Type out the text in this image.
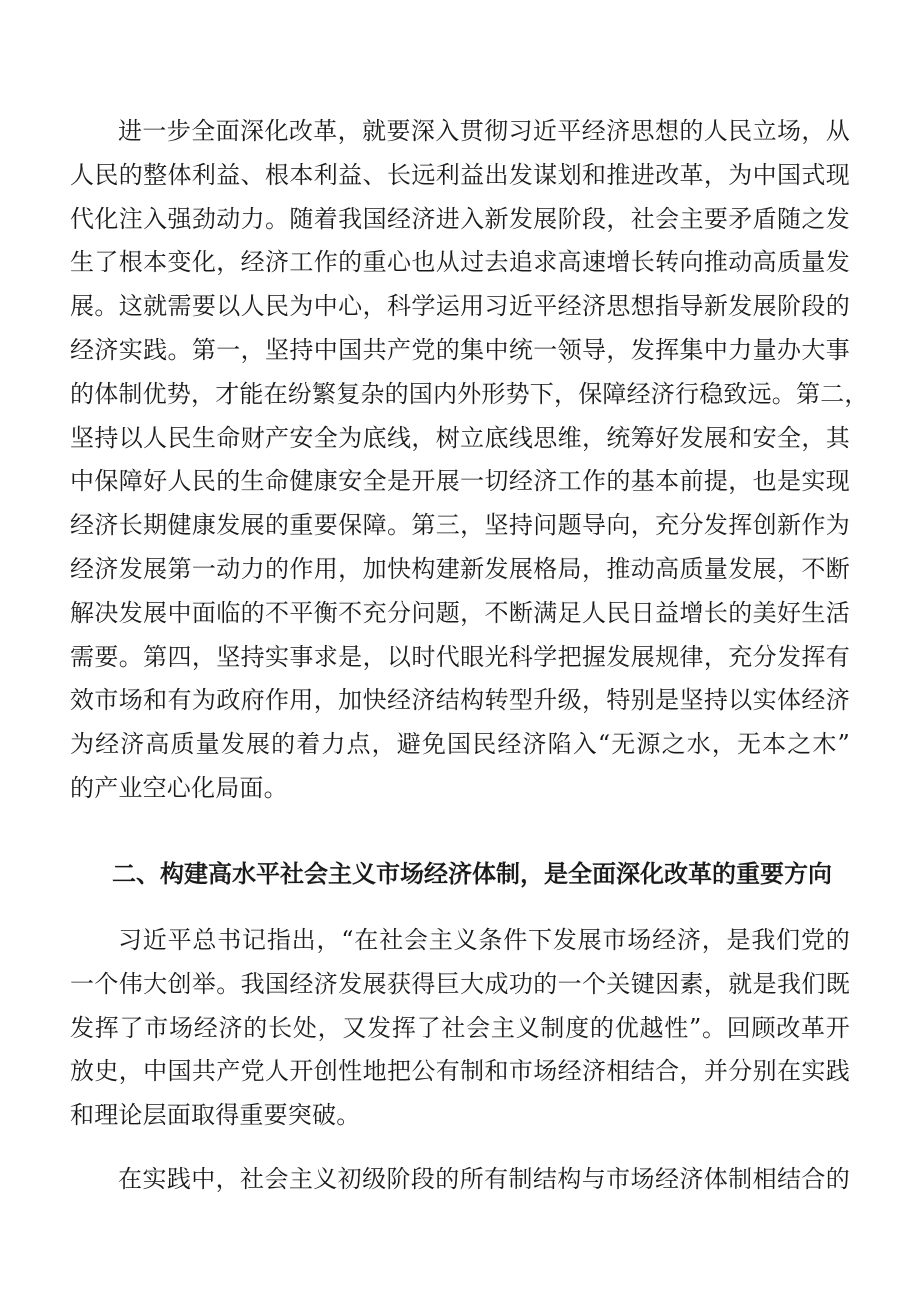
进一步全面深化改革，就要深入贯彻习近平经济思想的人民立场，从
人民的整体利益、根本利益、长远利益出发谋划和推进改革，为中国式现
代化注入强劲动力。随着我国经济进入新发展阶段，社会主要矛盾随之发
生了根本变化，经济工作的重心也从过去追求高速增长转向推动高质量发
展。这就需要以人民为中心，科学运用习近平经济思想指导新发展阶段的
经济实践。第一，坚持中国共产党的集中统一领导，发挥集中力量办大事
的体制优势，才能在纷繁复杂的国内外形势下，保障经济行稳致远。第二，
坚持以人民生命财产安全为底线，树立底线思维，统筹好发展和安全，其
中保障好人民的生命健康安全是开展一切经济工作的基本前提，也是实现
经济长期健康发展的重要保障。第三，坚持问题导向，充分发挥创新作为
经济发展第一动力的作用，加快构建新发展格局，推动高质量发展，不断
解决发展中面临的不平衡不充分问题，不断满足人民日益增长的美好生活
需要。第四，坚持实事求是，以时代眼光科学把握发展规律，充分发挥有
效市场和有为政府作用，加快经济结构转型升级，特别是坚持以实体经济
为经济高质量发展的着力点，避免国民经济陷入“无源之水，无本之木”
的产业空心化局面。
二、构建高水平社会主义市场经济体制，是全面深化改革的重要方向
习近平总书记指出，“在社会主义条件下发展市场经济，是我们党的
一个伟大创举。我国经济发展获得巨大成功的一个关键因素，就是我们既
发挥了市场经济的长处，又发挥了社会主义制度的优越性”。回顾改革开
放史，中国共产党人开创性地把公有制和市场经济相结合，并分别在实践
和理论层面取得重要突破。
在实践中，社会主义初级阶段的所有制结构与市场经济体制相结合的
